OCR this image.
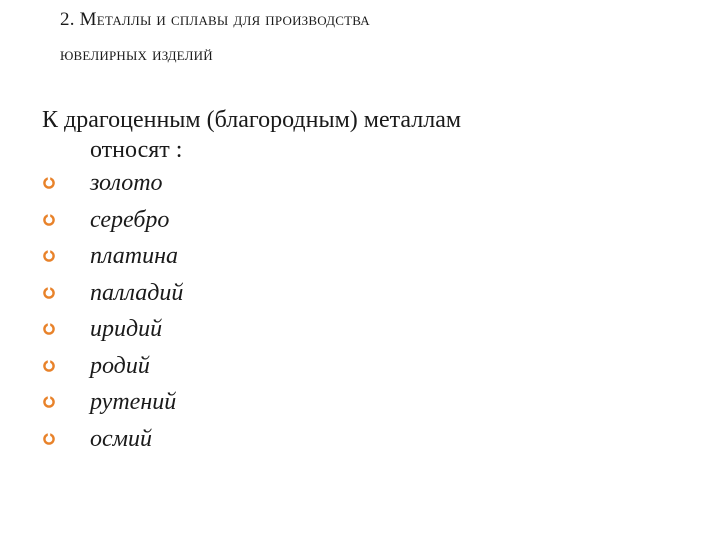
2. Металлы и сплавы для производства
ювелирных изделий

К драгоценным (благородным) металлам
относят :

золото
серебро
платина
палладий
иридий
родий
рутений
осмий
